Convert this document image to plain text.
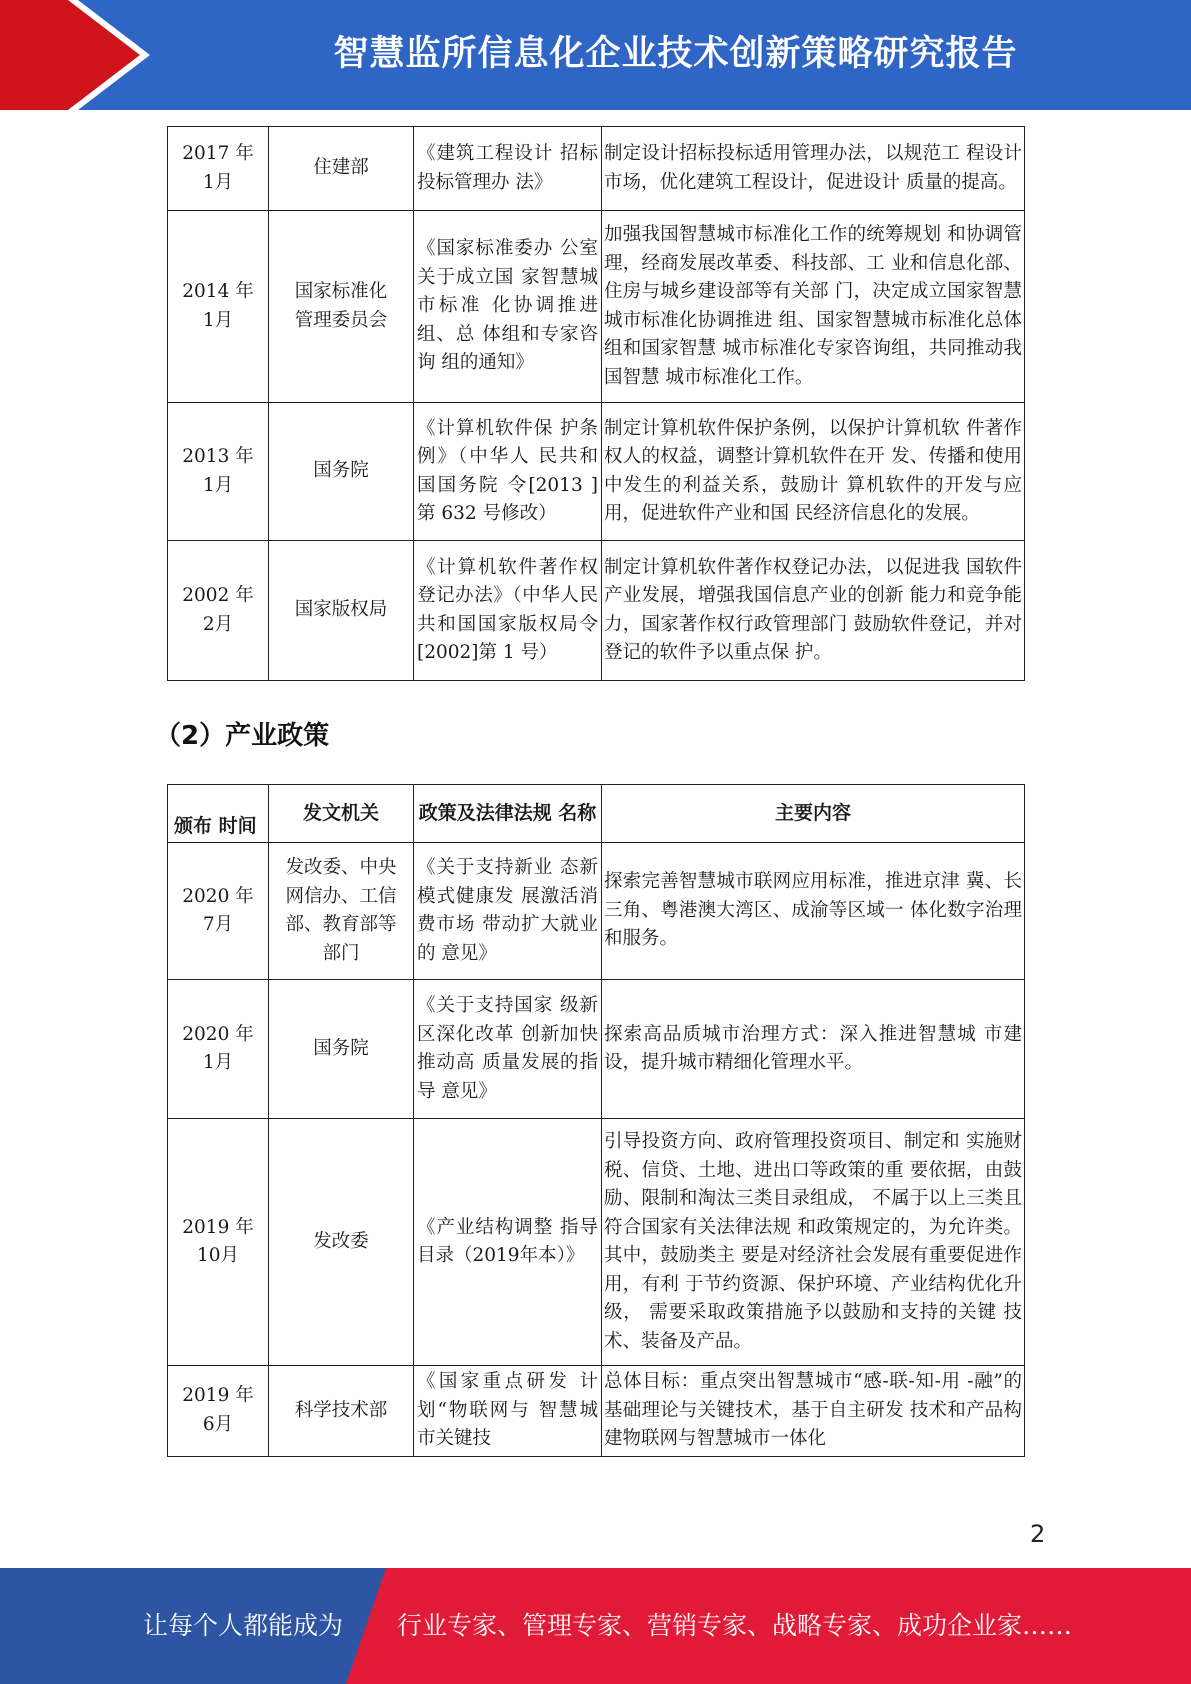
智慧监所信息化企业技术创新策略研究报告
2017 年
1月	住建部	《建筑工程设计 招标投标管理办 法》	制定设计招标投标适用管理办法，以规范工 程设计市场，优化建筑工程设计，促进设计 质量的提高。
2014 年
1月	国家标准化
管理委员会	《国家标准委办 公室关于成立国 家智慧城市标准 化协调推进组、总 体组和专家咨询 组的通知》	加强我国智慧城市标准化工作的统筹规划 和协调管理，经商发展改革委、科技部、工 业和信息化部、住房与城乡建设部等有关部 门，决定成立国家智慧城市标准化协调推进 组、国家智慧城市标准化总体组和国家智慧 城市标准化专家咨询组，共同推动我国智慧 城市标准化工作。
2013 年
1月	国务院	《计算机软件保 护条例》（中华人 民共和国国务院 令[2013 ]第 632 号修改）	制定计算机软件保护条例，以保护计算机软 件著作权人的权益，调整计算机软件在开 发、传播和使用中发生的利益关系，鼓励计 算机软件的开发与应用，促进软件产业和国 民经济信息化的发展。
2002 年
2月	国家版权局	《计算机软件著作权登记办法》（中华人民共和国国家版权局令[2002]第 1 号）	制定计算机软件著作权登记办法，以促进我 国软件产业发展，增强我国信息产业的创新 能力和竞争能力，国家著作权行政管理部门 鼓励软件登记，并对登记的软件予以重点保 护。
（2）产业政策
颁布 时间	发文机关	政策及法律法规 名称	主要内容
2020 年
7月	发改委、中央
网信办、工信
部、教育部等
部门	《关于支持新业 态新模式健康发 展激活消费市场 带动扩大就业的 意见》	探索完善智慧城市联网应用标准，推进京津 冀、长三角、粤港澳大湾区、成渝等区域一 体化数字治理和服务。
2020 年
1月	国务院	《关于支持国家 级新区深化改革 创新加快推动高 质量发展的指导 意见》	探索高品质城市治理方式：深入推进智慧城 市建设，提升城市精细化管理水平。
2019 年
10月	发改委	《产业结构调整 指导目录（2019年本）》	引导投资方向、政府管理投资项目、制定和 实施财税、信贷、土地、进出口等政策的重 要依据，由鼓励、限制和淘汰三类目录组成， 不属于以上三类且符合国家有关法律法规 和政策规定的，为允许类。其中，鼓励类主 要是对经济社会发展有重要促进作用，有利 于节约资源、保护环境、产业结构优化升级， 需要采取政策措施予以鼓励和支持的关键 技术、装备及产品。
2019 年
6月	科学技术部	《国家重点研发 计划“物联网与 智慧城市关键技	总体目标：重点突出智慧城市“感-联-知-用 -融”的基础理论与关键技术，基于自主研发 技术和产品构建物联网与智慧城市一体化
2
让每个人都能成为 行业专家、管理专家、营销专家、战略专家、成功企业家……
